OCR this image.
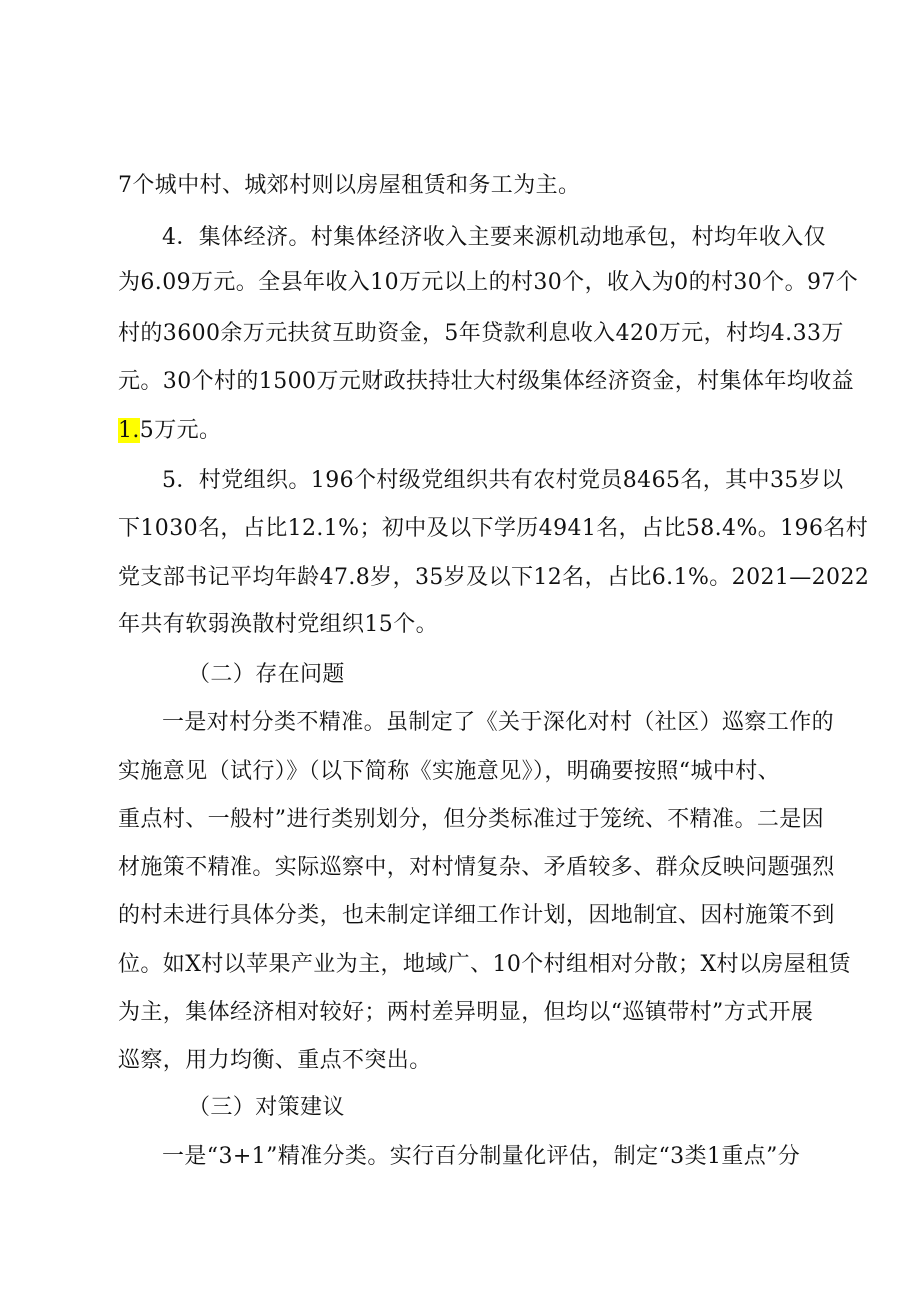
7个城中村、城郊村则以房屋租赁和务工为主。
4．集体经济。村集体经济收入主要来源机动地承包，村均年收入仅
为6.09万元。全县年收入10万元以上的村30个，收入为0的村30个。97个
村的3600余万元扶贫互助资金，5年贷款利息收入420万元，村均4.33万
元。30个村的1500万元财政扶持壮大村级集体经济资金，村集体年均收益
1.5万元。
5．村党组织。196个村级党组织共有农村党员8465名，其中35岁以
下1030名，占比12.1%；初中及以下学历4941名，占比58.4%。196名村
党支部书记平均年龄47.8岁，35岁及以下12名，占比6.1%。2021—2022
年共有软弱涣散村党组织15个。
（二）存在问题
一是对村分类不精准。虽制定了《关于深化对村（社区）巡察工作的
实施意见（试行）》（以下简称《实施意见》），明确要按照“城中村、
重点村、一般村”进行类别划分，但分类标准过于笼统、不精准。二是因
材施策不精准。实际巡察中，对村情复杂、矛盾较多、群众反映问题强烈
的村未进行具体分类，也未制定详细工作计划，因地制宜、因村施策不到
位。如X村以苹果产业为主，地域广、10个村组相对分散；X村以房屋租赁
为主，集体经济相对较好；两村差异明显，但均以“巡镇带村”方式开展
巡察，用力均衡、重点不突出。
（三）对策建议
一是“3+1”精准分类。实行百分制量化评估，制定“3类1重点”分
